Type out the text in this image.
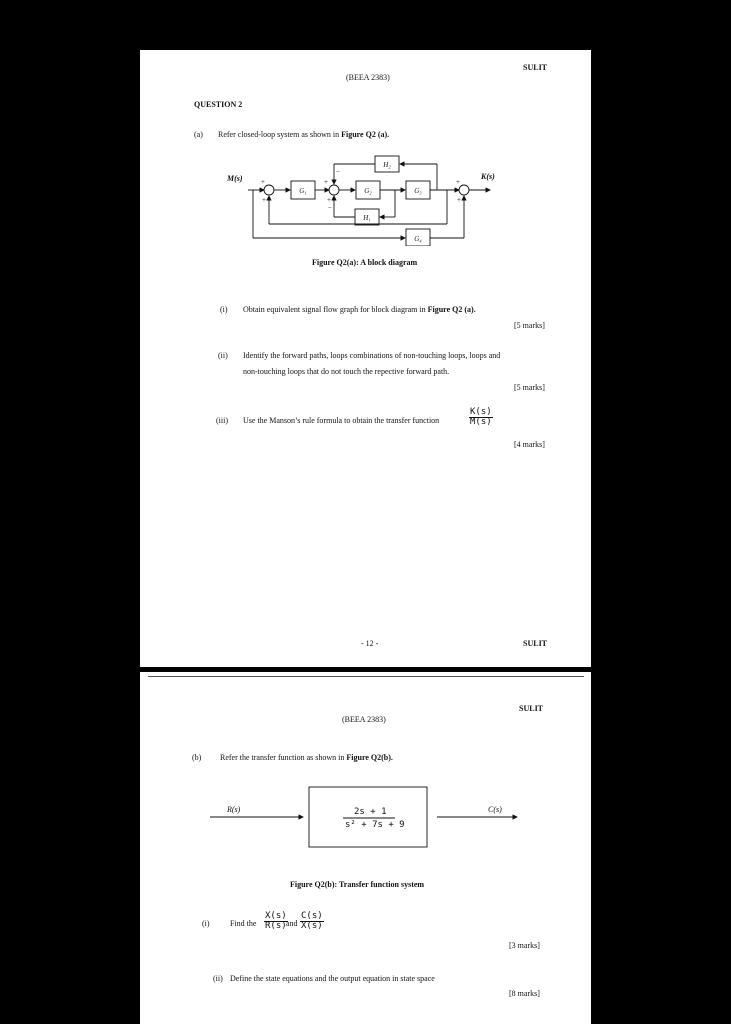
SULIT
(BEEA 2383)
QUESTION 2
(a) Refer closed-loop system as shown in Figure Q2 (a).
G₁	G₂	G₃
H₁
H₂
G₄
M(s)	K(s)
+
+
+
−
+
−
+
+
Figure Q2(a): A block diagram
(i) Obtain equivalent signal flow graph for block diagram in Figure Q2 (a).
[5 marks]
(ii) Identify the forward paths, loops combinations of non-touching loops, loops and
non-touching loops that do not touch the repective forward path.
[5 marks]
(iii) Use the Manson’s rule formula to obtain the transfer function	$\frac{K(s)}{M(s)}$
[4 marks]
- 12 -	SULIT
SULIT
(BEEA 2383)
(b) Refer the transfer function as shown in Figure Q2(b).
R(s)	C(s)
2s + 1
s² + 7s + 9
Figure Q2(b): Transfer function system
(i)	Find the $\frac{X(s)}{R(s)}$
and $\frac{C(s)}{X(s)}$
[3 marks]
(ii) Define the state equations and the output equation in state space
[8 marks]
